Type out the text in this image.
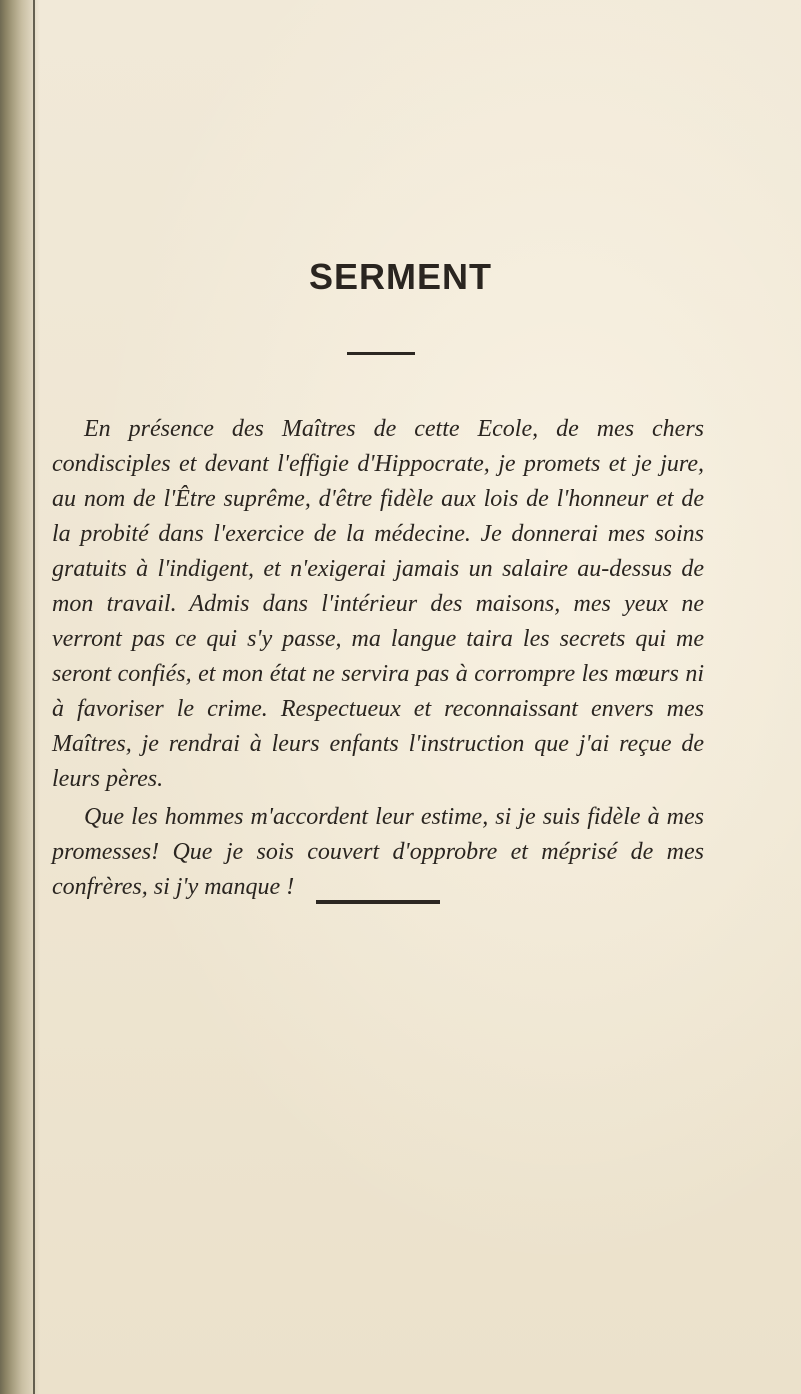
SERMENT

En présence des Maîtres de cette Ecole, de mes chers condisciples et devant l'effigie d'Hippocrate, je promets et je jure, au nom de l'Être suprême, d'être fidèle aux lois de l'honneur et de la probité dans l'exercice de la médecine. Je donnerai mes soins gratuits à l'indigent, et n'exigerai jamais un salaire au-dessus de mon travail. Admis dans l'intérieur des maisons, mes yeux ne verront pas ce qui s'y passe, ma langue taira les secrets qui me seront confiés, et mon état ne servira pas à corrompre les mœurs ni à favoriser le crime. Respectueux et reconnaissant envers mes Maîtres, je rendrai à leurs enfants l'instruction que j'ai reçue de leurs pères.

Que les hommes m'accordent leur estime, si je suis fidèle à mes promesses! Que je sois couvert d'opprobre et méprisé de mes confrères, si j'y manque !
